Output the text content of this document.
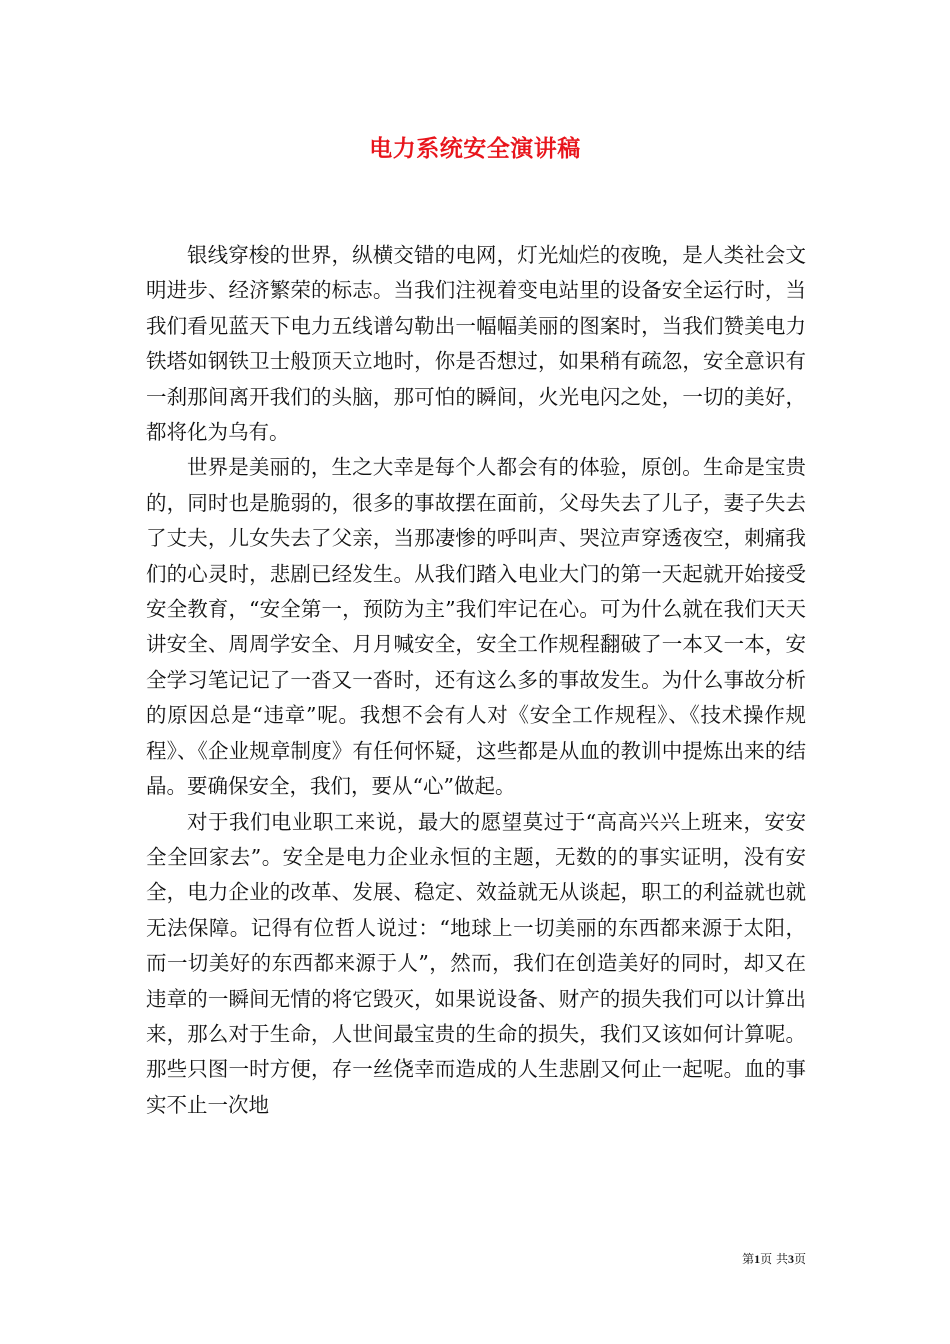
电力系统安全演讲稿

银线穿梭的世界，纵横交错的电网，灯光灿烂的夜晚，是人类社会文明进步、经济繁荣的标志。当我们注视着变电站里的设备安全运行时，当我们看见蓝天下电力五线谱勾勒出一幅幅美丽的图案时，当我们赞美电力铁塔如钢铁卫士般顶天立地时，你是否想过，如果稍有疏忽，安全意识有一刹那间离开我们的头脑，那可怕的瞬间，火光电闪之处，一切的美好，都将化为乌有。

世界是美丽的，生之大幸是每个人都会有的体验，原创。生命是宝贵的，同时也是脆弱的，很多的事故摆在面前，父母失去了儿子，妻子失去了丈夫，儿女失去了父亲，当那凄惨的呼叫声、哭泣声穿透夜空，刺痛我们的心灵时，悲剧已经发生。从我们踏入电业大门的第一天起就开始接受安全教育，“安全第一，预防为主”我们牢记在心。可为什么就在我们天天讲安全、周周学安全、月月喊安全，安全工作规程翻破了一本又一本，安全学习笔记记了一沓又一沓时，还有这么多的事故发生。为什么事故分析的原因总是“违章”呢。我想不会有人对《安全工作规程》、《技术操作规程》、《企业规章制度》有任何怀疑，这些都是从血的教训中提炼出来的结晶。要确保安全，我们，要从“心”做起。

对于我们电业职工来说，最大的愿望莫过于“高高兴兴上班来，安安全全回家去”。安全是电力企业永恒的主题，无数的的事实证明，没有安全，电力企业的改革、发展、稳定、效益就无从谈起，职工的利益就也就无法保障。记得有位哲人说过：“地球上一切美丽的东西都来源于太阳，而一切美好的东西都来源于人”，然而，我们在创造美好的同时，却又在违章的一瞬间无情的将它毁灭，如果说设备、财产的损失我们可以计算出来，那么对于生命，人世间最宝贵的生命的损失，我们又该如何计算呢。那些只图一时方便，存一丝侥幸而造成的人生悲剧又何止一起呢。血的事实不止一次地

第1页 共3页
